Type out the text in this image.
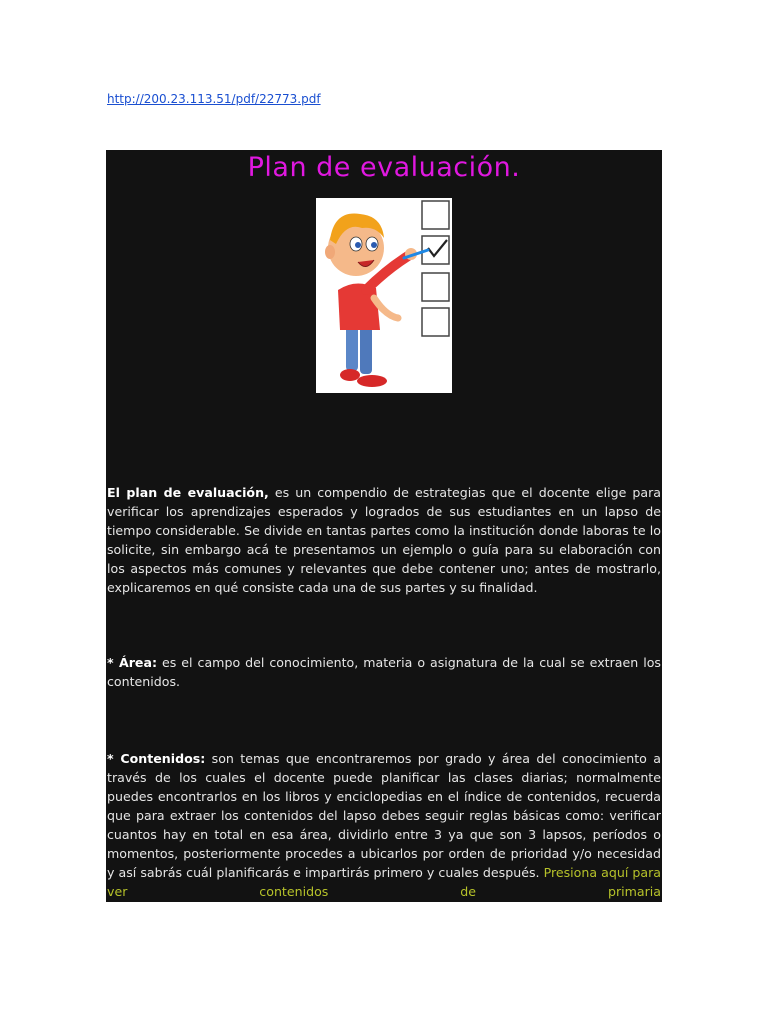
http://200.23.113.51/pdf/22773.pdf
Plan de evaluación.

El plan de evaluación, es un compendio de estrategias que el docente elige para verificar los aprendizajes esperados y logrados de sus estudiantes en un lapso de tiempo considerable. Se divide en tantas partes como la institución donde laboras te lo solicite, sin embargo acá te presentamos un ejemplo o guía para su elaboración con los aspectos más comunes y relevantes que debe contener uno; antes de mostrarlo, explicaremos en qué consiste cada una de sus partes y su finalidad.

* Área: es el campo del conocimiento, materia o asignatura de la cual se extraen los contenidos.

* Contenidos: son temas que encontraremos por grado y área del conocimiento a través de los cuales el docente puede planificar las clases diarias; normalmente puedes encontrarlos en los libros y enciclopedias en el índice de contenidos, recuerda que para extraer los contenidos del lapso debes seguir reglas básicas como: verificar cuantos hay en total en esa área, dividirlo entre 3 ya que son 3 lapsos, períodos o momentos, posteriormente procedes a ubicarlos por orden de prioridad y/o necesidad y así sabrás cuál planificarás e impartirás primero y cuales después. Presiona aquí para ver contenidos de primaria
